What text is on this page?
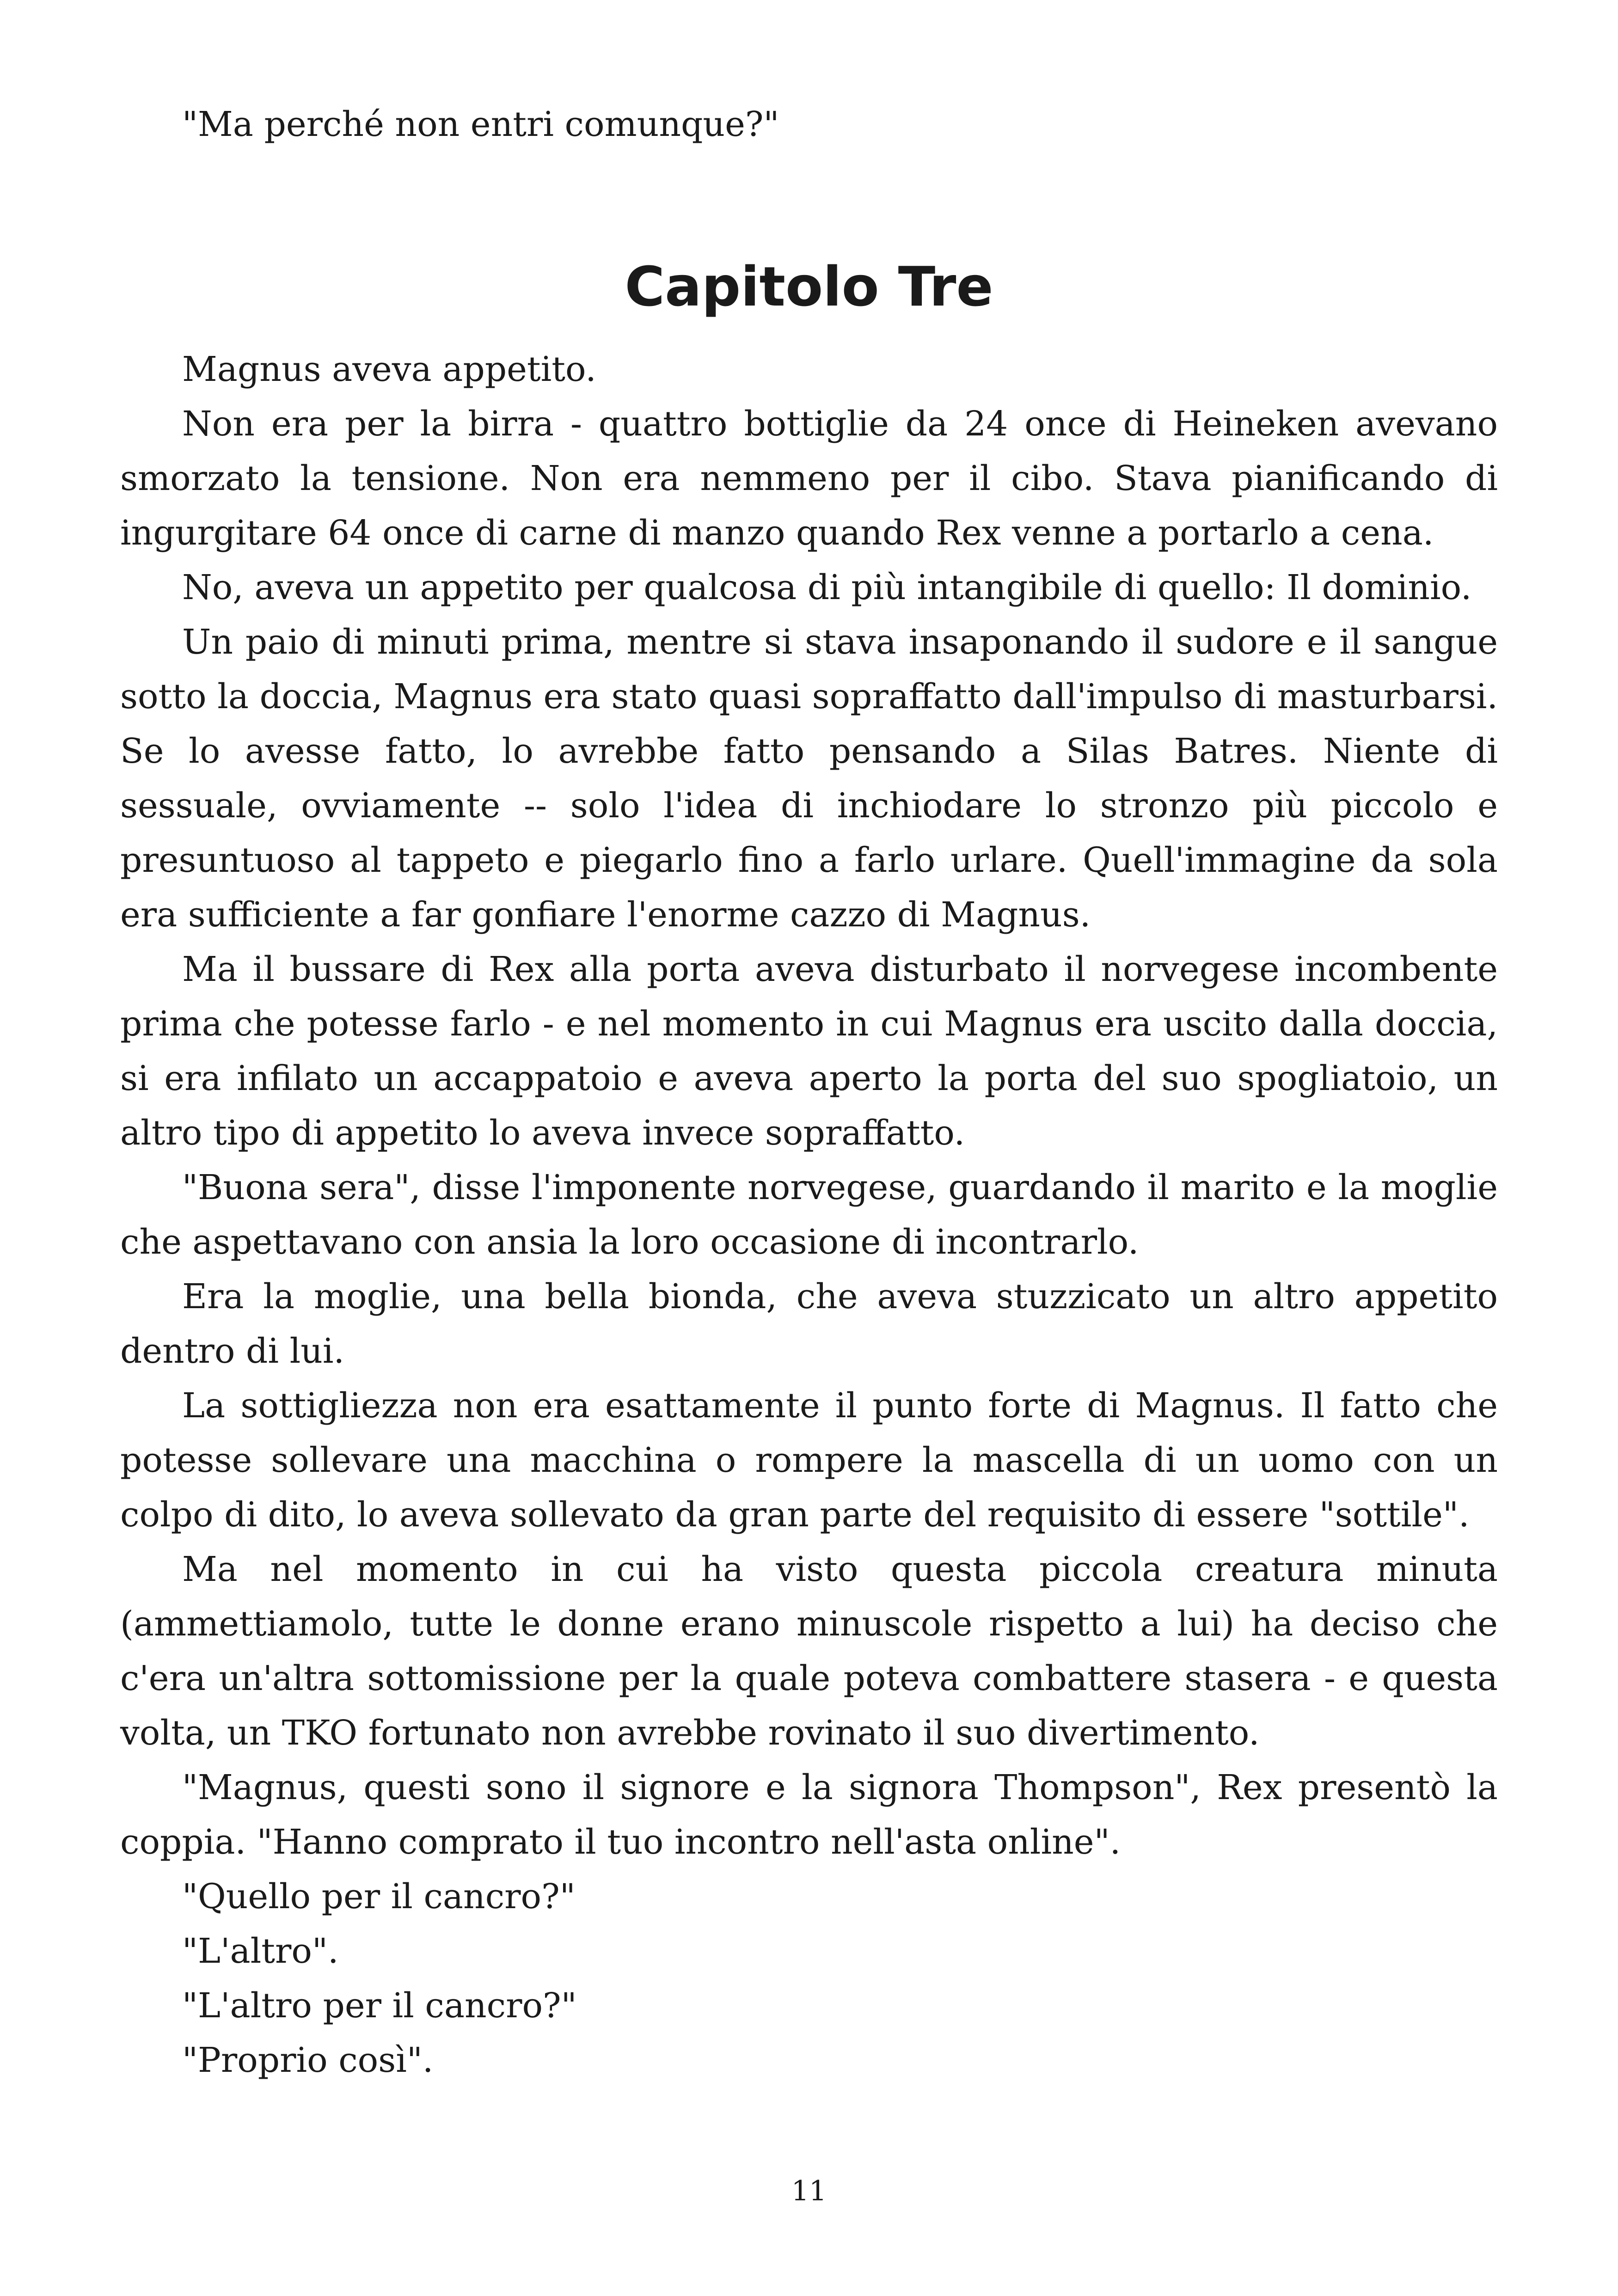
"Ma perché non entri comunque?"

Capitolo Tre

Magnus aveva appetito.

Non era per la birra - quattro bottiglie da 24 once di Heineken avevano smorzato la tensione. Non era nemmeno per il cibo. Stava pianificando di ingurgitare 64 once di carne di manzo quando Rex venne a portarlo a cena.

No, aveva un appetito per qualcosa di più intangibile di quello: Il dominio.

Un paio di minuti prima, mentre si stava insaponando il sudore e il sangue sotto la doccia, Magnus era stato quasi sopraffatto dall'impulso di masturbarsi. Se lo avesse fatto, lo avrebbe fatto pensando a Silas Batres. Niente di sessuale, ovviamente -- solo l'idea di inchiodare lo stronzo più piccolo e presuntuoso al tappeto e piegarlo fino a farlo urlare. Quell'immagine da sola era sufficiente a far gonfiare l'enorme cazzo di Magnus.

Ma il bussare di Rex alla porta aveva disturbato il norvegese incombente prima che potesse farlo - e nel momento in cui Magnus era uscito dalla doccia, si era infilato un accappatoio e aveva aperto la porta del suo spogliatoio, un altro tipo di appetito lo aveva invece sopraffatto.

"Buona sera", disse l'imponente norvegese, guardando il marito e la moglie che aspettavano con ansia la loro occasione di incontrarlo.

Era la moglie, una bella bionda, che aveva stuzzicato un altro appetito dentro di lui.

La sottigliezza non era esattamente il punto forte di Magnus. Il fatto che potesse sollevare una macchina o rompere la mascella di un uomo con un colpo di dito, lo aveva sollevato da gran parte del requisito di essere "sottile".

Ma nel momento in cui ha visto questa piccola creatura minuta (ammettiamolo, tutte le donne erano minuscole rispetto a lui) ha deciso che c'era un'altra sottomissione per la quale poteva combattere stasera - e questa volta, un TKO fortunato non avrebbe rovinato il suo divertimento.

"Magnus, questi sono il signore e la signora Thompson", Rex presentò la coppia. "Hanno comprato il tuo incontro nell'asta online".

"Quello per il cancro?"

"L'altro".

"L'altro per il cancro?"

"Proprio così".

11
